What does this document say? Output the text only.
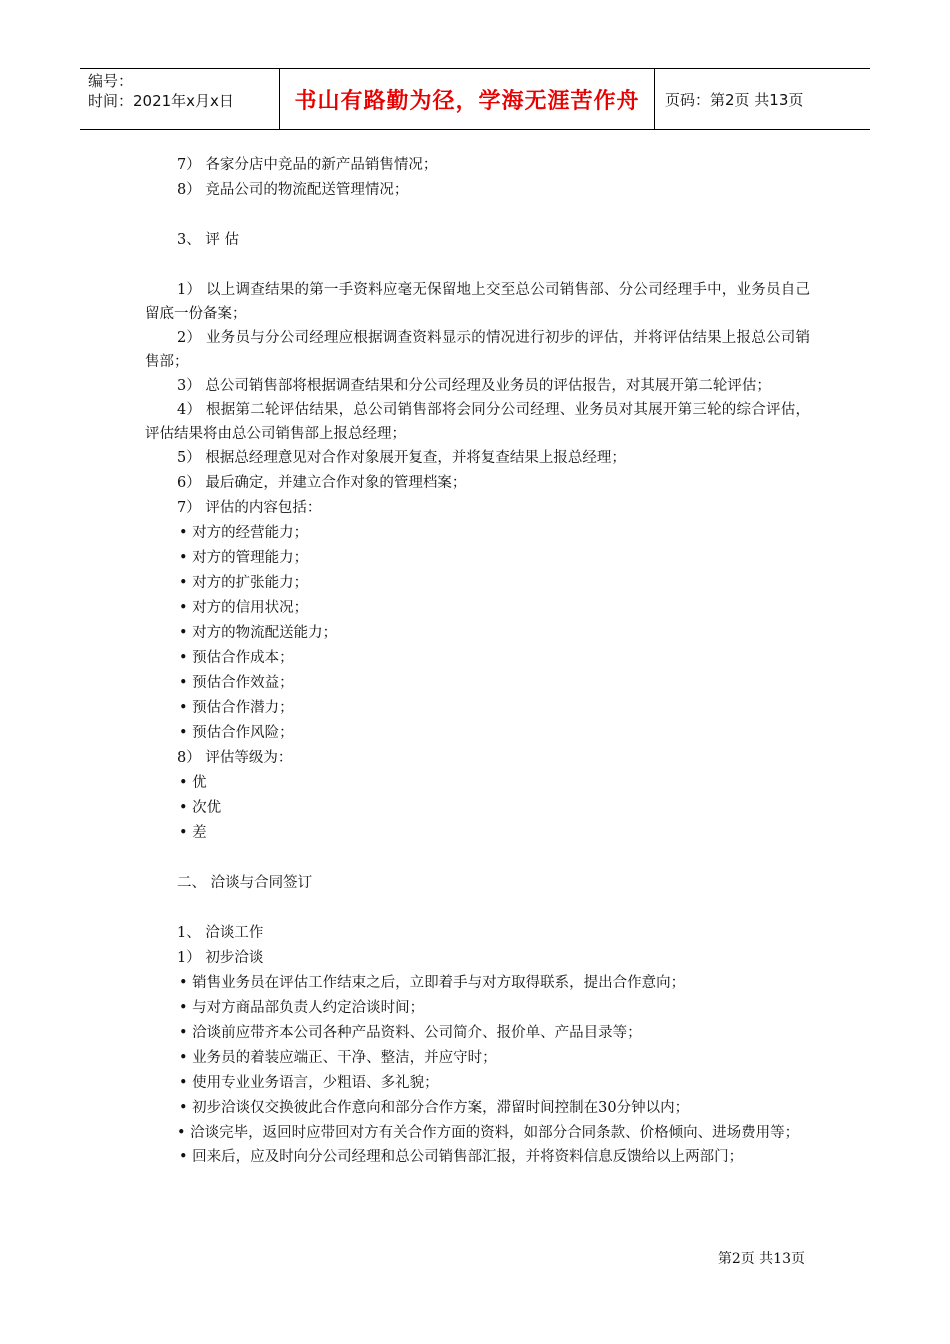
编号：
时间：2021年x月x日	书山有路勤为径，学海无涯苦作舟	页码：第2页 共13页
7） 各家分店中竞品的新产品销售情况；
8） 竞品公司的物流配送管理情况；
3、 评 估
1） 以上调查结果的第一手资料应毫无保留地上交至总公司销售部、分公司经理手中，业务员自己留底一份备案；
2） 业务员与分公司经理应根据调查资料显示的情况进行初步的评估，并将评估结果上报总公司销售部；
3） 总公司销售部将根据调查结果和分公司经理及业务员的评估报告，对其展开第二轮评估；
4） 根据第二轮评估结果，总公司销售部将会同分公司经理、业务员对其展开第三轮的综合评估，评估结果将由总公司销售部上报总经理；
5） 根据总经理意见对合作对象展开复查，并将复查结果上报总经理；
6） 最后确定，并建立合作对象的管理档案；
7） 评估的内容包括：
• 对方的经营能力；
• 对方的管理能力；
• 对方的扩张能力；
• 对方的信用状况；
• 对方的物流配送能力；
• 预估合作成本；
• 预估合作效益；
• 预估合作潜力；
• 预估合作风险；
8） 评估等级为：
• 优
• 次优
• 差
二、 洽谈与合同签订
1、 洽谈工作
1） 初步洽谈
• 销售业务员在评估工作结束之后，立即着手与对方取得联系，提出合作意向；
• 与对方商品部负责人约定洽谈时间；
• 洽谈前应带齐本公司各种产品资料、公司简介、报价单、产品目录等；
• 业务员的着装应端正、干净、整洁，并应守时；
• 使用专业业务语言，少粗语、多礼貌；
• 初步洽谈仅交换彼此合作意向和部分合作方案，滞留时间控制在30分钟以内；
• 洽谈完毕，返回时应带回对方有关合作方面的资料，如部分合同条款、价格倾向、进场费用等；
• 回来后，应及时向分公司经理和总公司销售部汇报，并将资料信息反馈给以上两部门；
第2页 共13页
